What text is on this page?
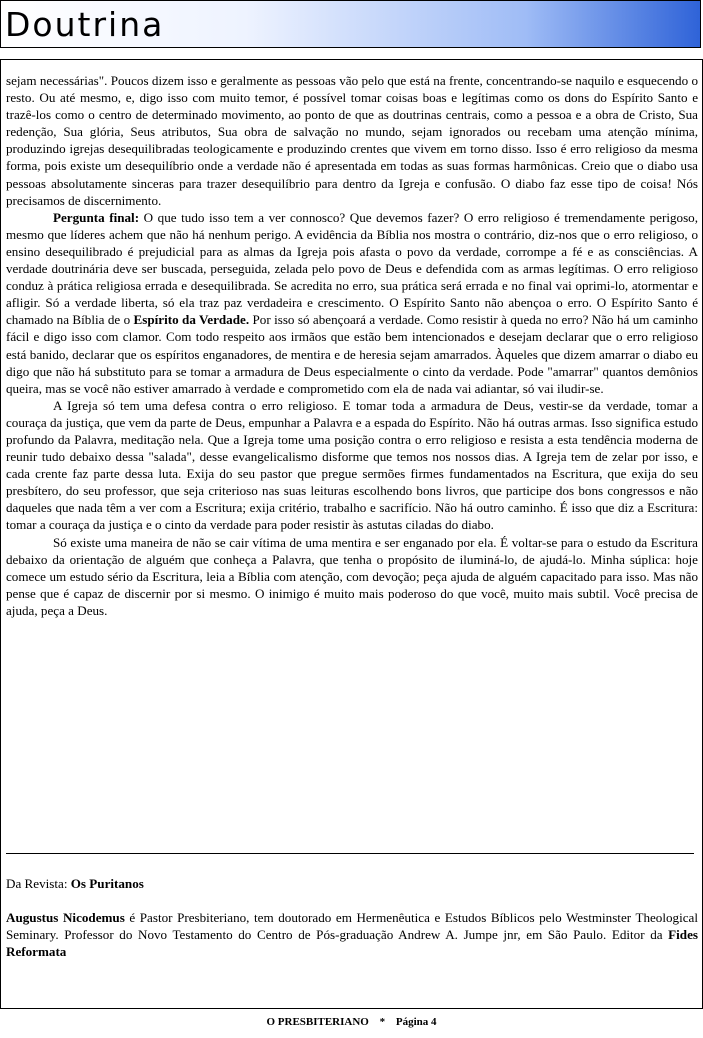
Doutrina

sejam necessárias". Poucos dizem isso e geralmente as pessoas vão pelo que está na frente, concentrando-se naquilo e esquecendo o resto. Ou até mesmo, e, digo isso com muito temor, é possível tomar coisas boas e legítimas como os dons do Espírito Santo e trazê-los como o centro de determinado movimento, ao ponto de que as doutrinas centrais, como a pessoa e a obra de Cristo, Sua redenção, Sua glória, Seus atributos, Sua obra de salvação no mundo, sejam ignorados ou recebam uma atenção mínima, produzindo igrejas desequilibradas teologicamente e produzindo crentes que vivem em torno disso. Isso é erro religioso da mesma forma, pois existe um desequilíbrio onde a verdade não é apresentada em todas as suas formas harmônicas. Creio que o diabo usa pessoas absolutamente sinceras para trazer desequilíbrio para dentro da Igreja e confusão. O diabo faz esse tipo de coisa! Nós precisamos de discernimento.

Pergunta final: O que tudo isso tem a ver connosco? Que devemos fazer? O erro religioso é tremendamente perigoso, mesmo que líderes achem que não há nenhum perigo. A evidência da Bíblia nos mostra o contrário, diz-nos que o erro religioso, o ensino desequilibrado é prejudicial para as almas da Igreja pois afasta o povo da verdade, corrompe a fé e as consciências. A verdade doutrinária deve ser buscada, perseguida, zelada pelo povo de Deus e defendida com as armas legítimas. O erro religioso conduz à prática religiosa errada e desequilibrada. Se acredita no erro, sua prática será errada e no final vai oprimi-lo, atormentar e afligir. Só a verdade liberta, só ela traz paz verdadeira e crescimento. O Espírito Santo não abençoa o erro. O Espírito Santo é chamado na Bíblia de o Espírito da Verdade. Por isso só abençoará a verdade. Como resistir à queda no erro? Não há um caminho fácil e digo isso com clamor. Com todo respeito aos irmãos que estão bem intencionados e desejam declarar que o erro religioso está banido, declarar que os espíritos enganadores, de mentira e de heresia sejam amarrados. Àqueles que dizem amarrar o diabo eu digo que não há substituto para se tomar a armadura de Deus especialmente o cinto da verdade. Pode "amarrar" quantos demônios queira, mas se você não estiver amarrado à verdade e comprometido com ela de nada vai adiantar, só vai iludir-se.

A Igreja só tem uma defesa contra o erro religioso. E tomar toda a armadura de Deus, vestir-se da verdade, tomar a couraça da justiça, que vem da parte de Deus, empunhar a Palavra e a espada do Espírito. Não há outras armas. Isso significa estudo profundo da Palavra, meditação nela. Que a Igreja tome uma posição contra o erro religioso e resista a esta tendência moderna de reunir tudo debaixo dessa "salada", desse evangelicalismo disforme que temos nos nossos dias. A Igreja tem de zelar por isso, e cada crente faz parte dessa luta. Exija do seu pastor que pregue sermões firmes fundamentados na Escritura, que exija do seu presbítero, do seu professor, que seja criterioso nas suas leituras escolhendo bons livros, que participe dos bons congressos e não daqueles que nada têm a ver com a Escritura; exija critério, trabalho e sacrifício. Não há outro caminho. É isso que diz a Escritura: tomar a couraça da justiça e o cinto da verdade para poder resistir às astutas ciladas do diabo.

Só existe uma maneira de não se cair vítima de uma mentira e ser enganado por ela. É voltar-se para o estudo da Escritura debaixo da orientação de alguém que conheça a Palavra, que tenha o propósito de iluminá-lo, de ajudá-lo. Minha súplica: hoje comece um estudo sério da Escritura, leia a Bíblia com atenção, com devoção; peça ajuda de alguém capacitado para isso. Mas não pense que é capaz de discernir por si mesmo. O inimigo é muito mais poderoso do que você, muito mais subtil. Você precisa de ajuda, peça a Deus.

Da Revista: Os Puritanos

Augustus Nicodemus é Pastor Presbiteriano, tem doutorado em Hermenêutica e Estudos Bíblicos pelo Westminster Theological Seminary. Professor do Novo Testamento do Centro de Pós-graduação Andrew A. Jumpe jnr, em São Paulo. Editor da Fides Reformata

O PRESBITERIANO * Página 4
